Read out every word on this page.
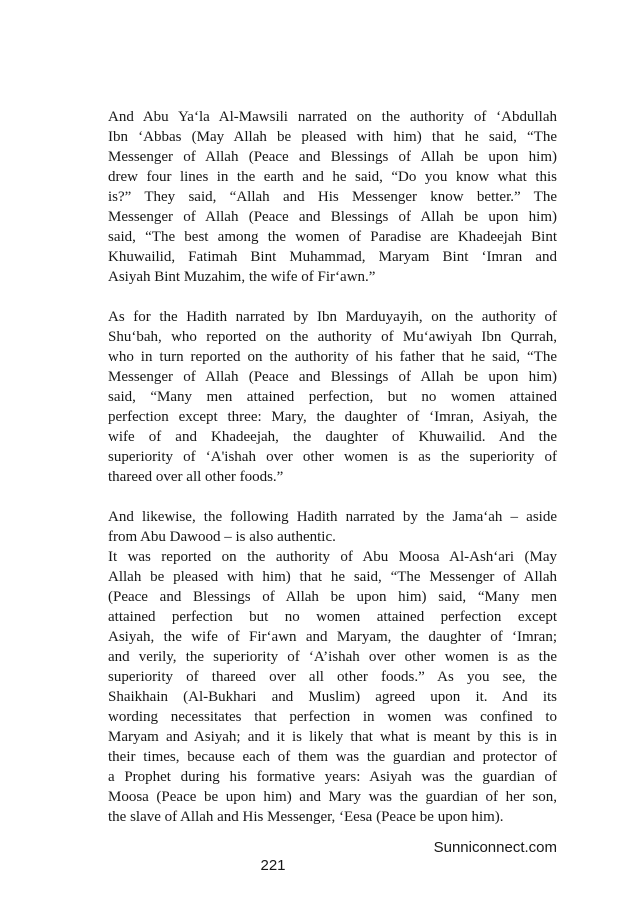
And Abu Ya‘la Al-Mawsili narrated on the authority of ‘Abdullah
Ibn ‘Abbas (May Allah be pleased with him) that he said, “The
Messenger of Allah (Peace and Blessings of Allah be upon him)
drew four lines in the earth and he said, “Do you know what this
is?” They said, “Allah and His Messenger know better.” The
Messenger of Allah (Peace and Blessings of Allah be upon him)
said, “The best among the women of Paradise are Khadeejah Bint
Khuwailid, Fatimah Bint Muhammad, Maryam Bint ‘Imran and
Asiyah Bint Muzahim, the wife of Fir‘awn.”
As for the Hadith narrated by Ibn Marduyayih, on the authority of
Shu‘bah, who reported on the authority of Mu‘awiyah Ibn Qurrah,
who in turn reported on the authority of his father that he said, “The
Messenger of Allah (Peace and Blessings of Allah be upon him)
said, “Many men attained perfection, but no women attained
perfection except three: Mary, the daughter of ‘Imran, Asiyah, the
wife of and Khadeejah, the daughter of Khuwailid. And the
superiority of ‘A'ishah over other women is as the superiority of
thareed over all other foods.”
And likewise, the following Hadith narrated by the Jama‘ah – aside
from Abu Dawood – is also authentic.
It was reported on the authority of Abu Moosa Al-Ash‘ari (May
Allah be pleased with him) that he said, “The Messenger of Allah
(Peace and Blessings of Allah be upon him) said, “Many men
attained perfection but no women attained perfection except
Asiyah, the wife of Fir‘awn and Maryam, the daughter of ‘Imran;
and verily, the superiority of ‘A’ishah over other women is as the
superiority of thareed over all other foods.” As you see, the
Shaikhain (Al-Bukhari and Muslim) agreed upon it. And its
wording necessitates that perfection in women was confined to
Maryam and Asiyah; and it is likely that what is meant by this is in
their times, because each of them was the guardian and protector of
a Prophet during his formative years: Asiyah was the guardian of
Moosa (Peace be upon him) and Mary was the guardian of her son,
the slave of Allah and His Messenger, ‘Eesa (Peace be upon him).
Sunniconnect.com
221
